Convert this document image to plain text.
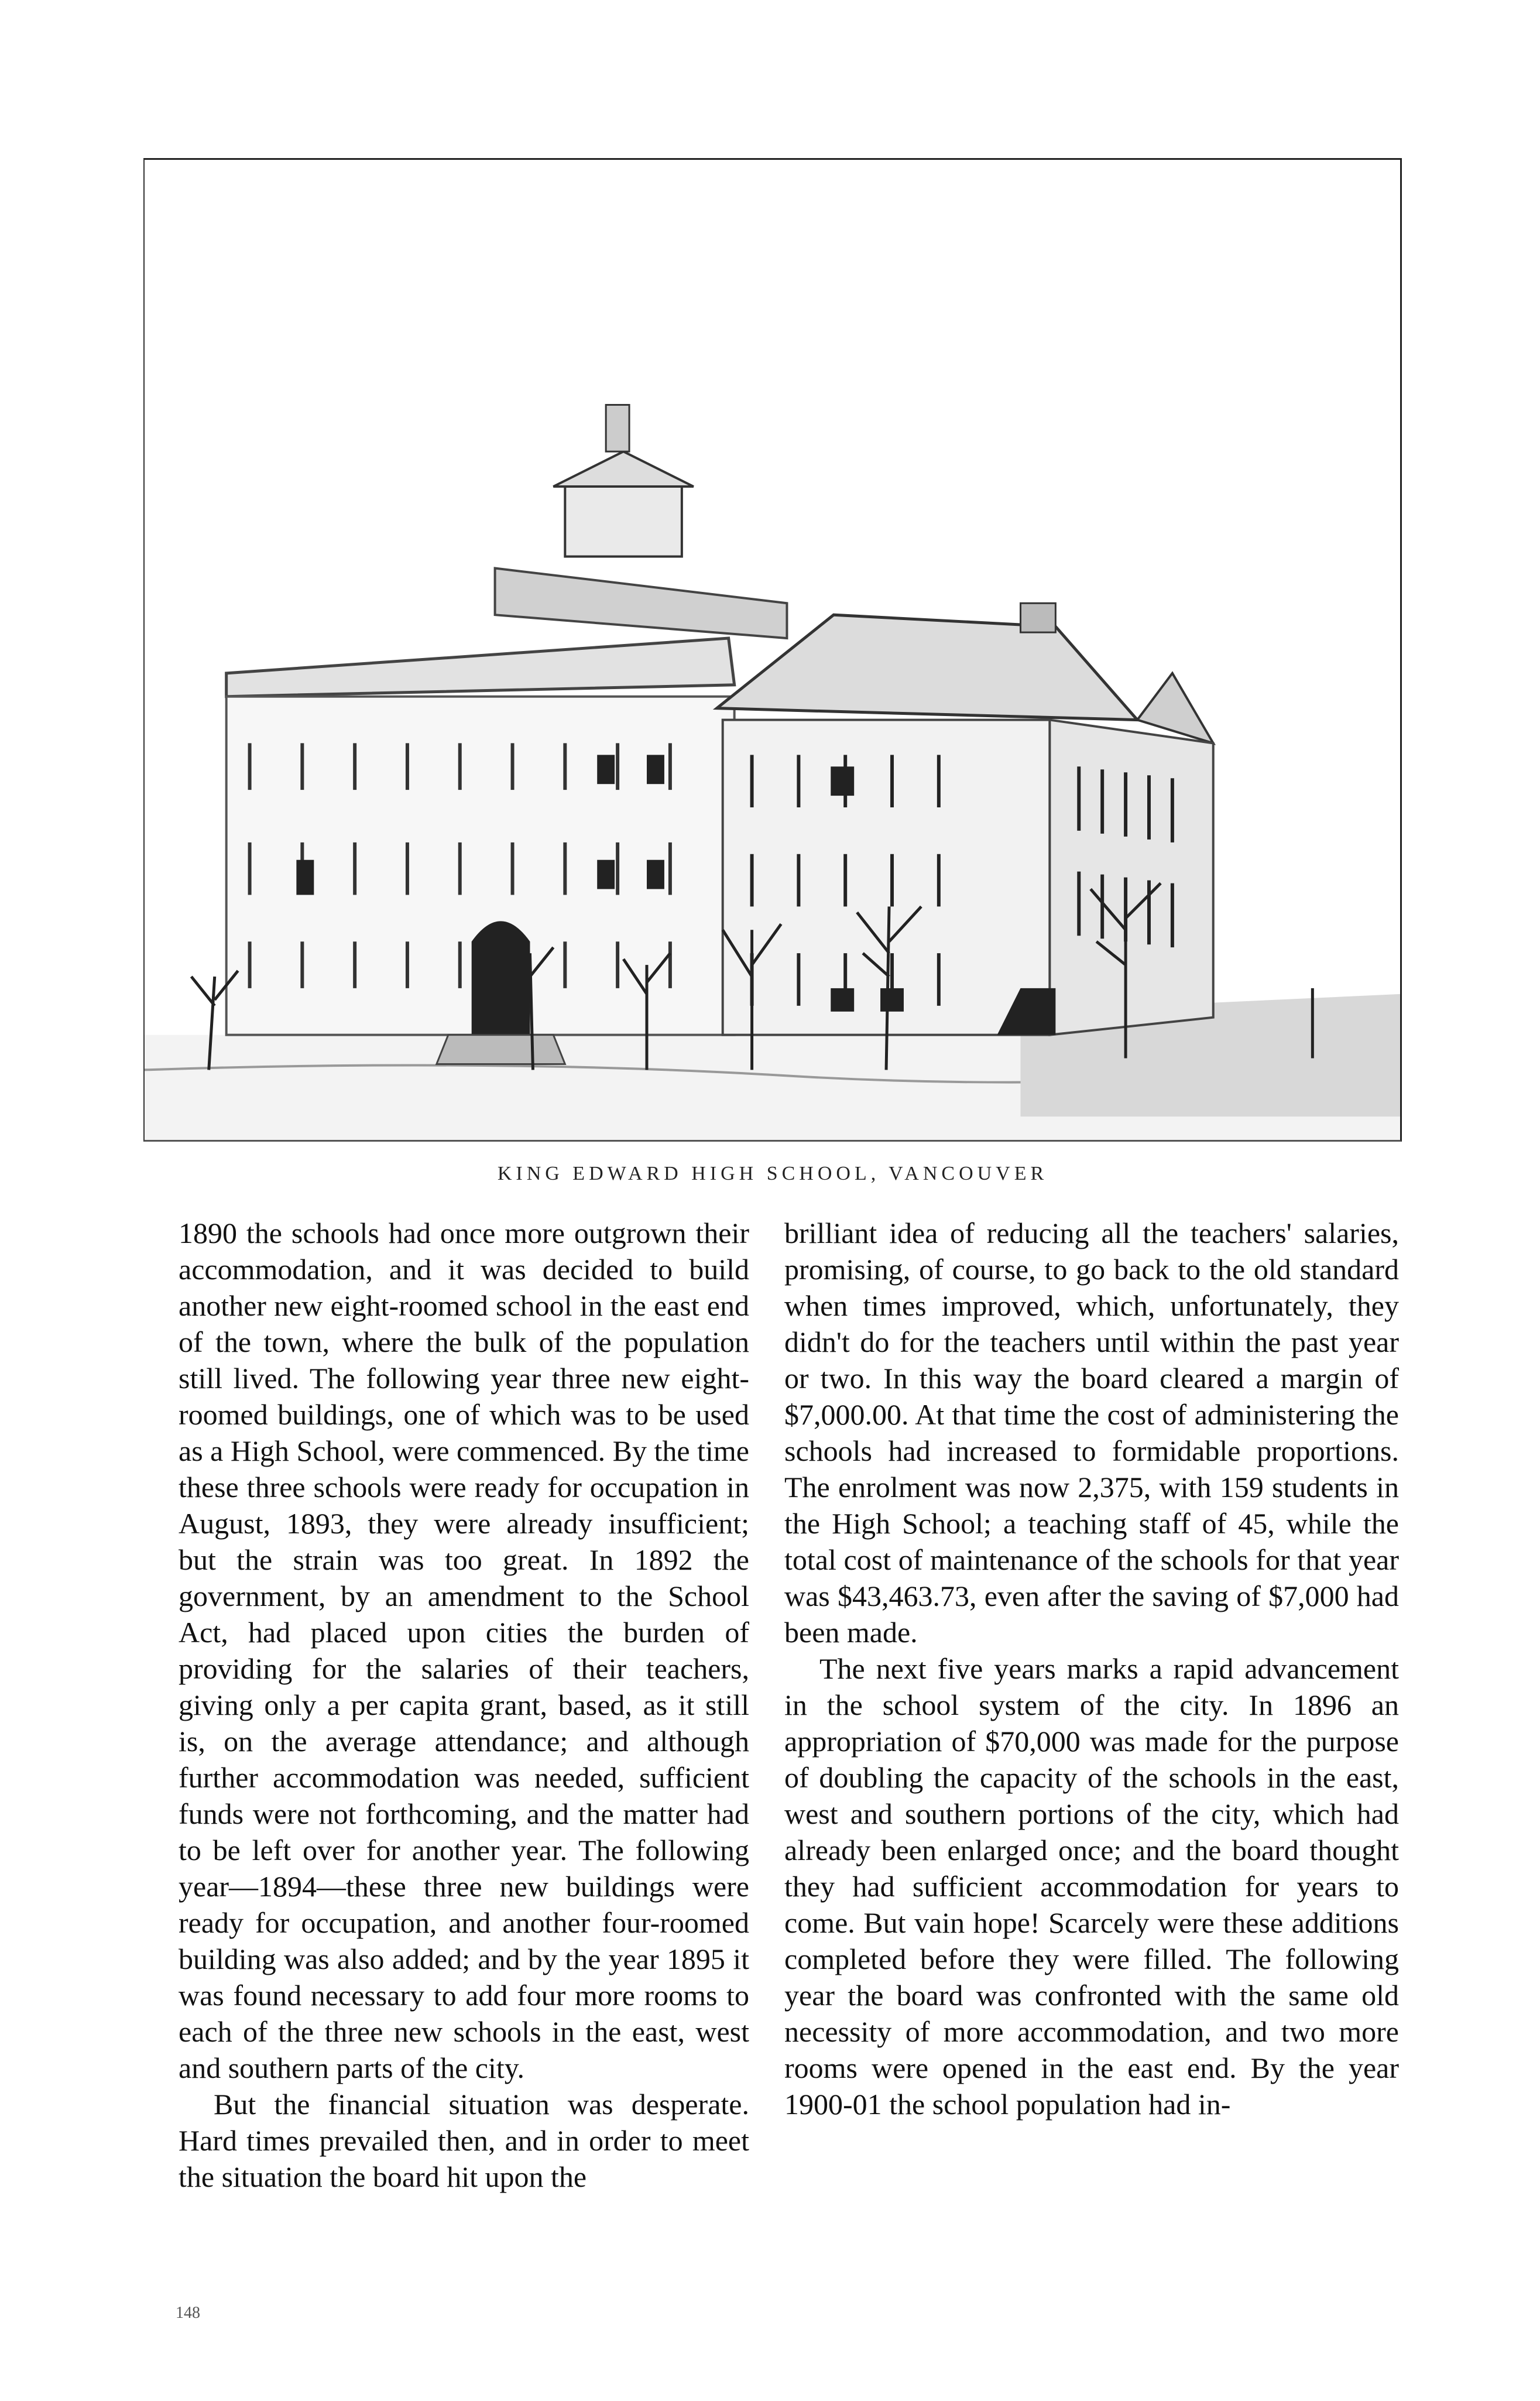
KING EDWARD HIGH SCHOOL, VANCOUVER

1890 the schools had once more outgrown their accommodation, and it was decided to build another new eight-roomed school in the east end of the town, where the bulk of the population still lived. The following year three new eight-roomed buildings, one of which was to be used as a High School, were commenced. By the time these three schools were ready for occupation in August, 1893, they were already insufficient; but the strain was too great. In 1892 the government, by an amendment to the School Act, had placed upon cities the burden of providing for the salaries of their teachers, giving only a per capita grant, based, as it still is, on the average attendance; and although further accommodation was needed, sufficient funds were not forthcoming, and the matter had to be left over for another year. The following year—1894—these three new buildings were ready for occupation, and another four-roomed building was also added; and by the year 1895 it was found necessary to add four more rooms to each of the three new schools in the east, west and southern parts of the city.

But the financial situation was desperate. Hard times prevailed then, and in order to meet the situation the board hit upon the

brilliant idea of reducing all the teachers' salaries, promising, of course, to go back to the old standard when times improved, which, unfortunately, they didn't do for the teachers until within the past year or two. In this way the board cleared a margin of $7,000.00. At that time the cost of administering the schools had increased to formidable proportions. The enrolment was now 2,375, with 159 students in the High School; a teaching staff of 45, while the total cost of maintenance of the schools for that year was $43,463.73, even after the saving of $7,000 had been made.

The next five years marks a rapid advancement in the school system of the city. In 1896 an appropriation of $70,000 was made for the purpose of doubling the capacity of the schools in the east, west and southern portions of the city, which had already been enlarged once; and the board thought they had sufficient accommodation for years to come. But vain hope! Scarcely were these additions completed before they were filled. The following year the board was confronted with the same old necessity of more accommodation, and two more rooms were opened in the east end. By the year 1900-01 the school population had in-

148
